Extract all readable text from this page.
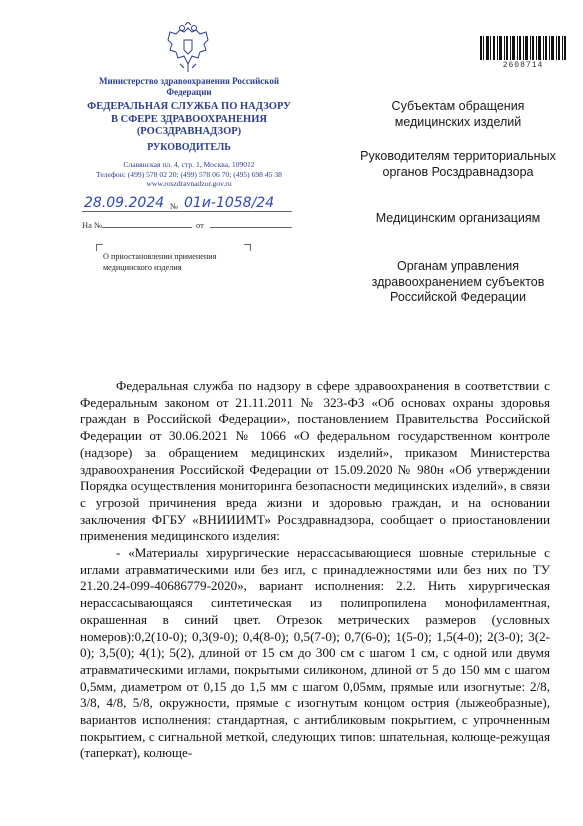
Министерство здравоохранения Российской Федерации
ФЕДЕРАЛЬНАЯ СЛУЖБА ПО НАДЗОРУ В СФЕРЕ ЗДРАВООХРАНЕНИЯ (РОСЗДРАВНАДЗОР)
РУКОВОДИТЕЛЬ
Славянская пл. 4, стр. 1, Москва, 109012
Телефон: (499) 578 02 20; (499) 578 06 70; (495) 698 45 38
www.roszdravnadzor.gov.ru
2608714
28.09.2024 № 01и-1058/24
На №	от
О приостановлении применения медицинского изделия
Субъектам обращения медицинских изделий
Руководителям территориальных органов Росздравнадзора
Медицинским организациям
Органам управления здравоохранением субъектов Российской Федерации

Федеральная служба по надзору в сфере здравоохранения в соответствии с Федеральным законом от 21.11.2011 № 323-ФЗ «Об основах охраны здоровья граждан в Российской Федерации», постановлением Правительства Российской Федерации от 30.06.2021 № 1066 «О федеральном государственном контроле (надзоре) за обращением медицинских изделий», приказом Министерства здравоохранения Российской Федерации от 15.09.2020 № 980н «Об утверждении Порядка осуществления мониторинга безопасности медицинских изделий», в связи с угрозой причинения вреда жизни и здоровью граждан, и на основании заключения ФГБУ «ВНИИИМТ» Росздравнадзора, сообщает о приостановлении применения медицинского изделия:

- «Материалы хирургические нерассасывающиеся шовные стерильные с иглами атравматическими или без игл, с принадлежностями или без них по ТУ 21.20.24-099-40686779-2020», вариант исполнения: 2.2. Нить хирургическая нерассасывающаяся синтетическая из полипропилена монофиламентная, окрашенная в синий цвет. Отрезок метрических размеров (условных номеров):0,2(10-0); 0,3(9-0); 0,4(8-0); 0,5(7-0); 0,7(6-0); 1(5-0); 1,5(4-0); 2(3-0); 3(2-0); 3,5(0); 4(1); 5(2), длиной от 15 см до 300 см с шагом 1 см, с одной или двумя атравматическими иглами, покрытыми силиконом, длиной от 5 до 150 мм с шагом 0,5мм, диаметром от 0,15 до 1,5 мм с шагом 0,05мм, прямые или изогнутые: 2/8, 3/8, 4/8, 5/8, окружности, прямые с изогнутым концом острия (лыжеобразные), вариантов исполнения: стандартная, с антибликовым покрытием, с упрочненным покрытием, с сигнальной меткой, следующих типов: шпательная, колюще-режущая (таперкат), колюще-
